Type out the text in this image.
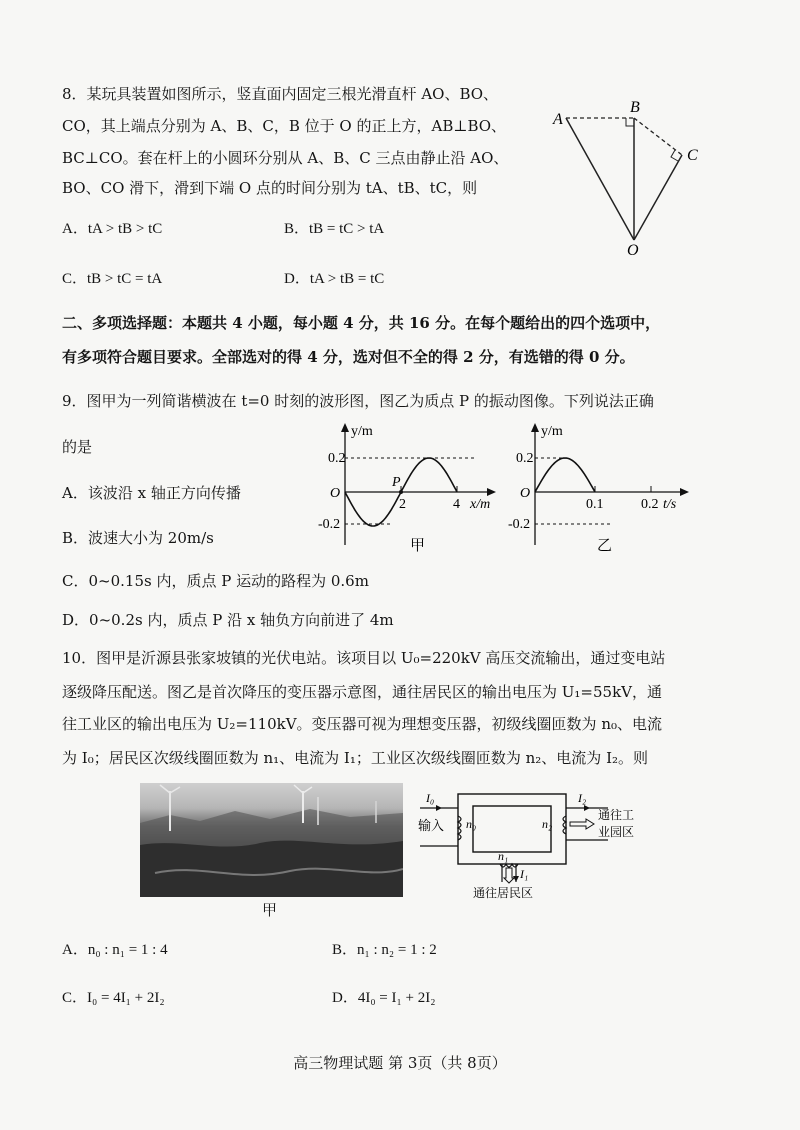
8．某玩具装置如图所示，竖直面内固定三根光滑直杆 AO、BO、
CO，其上端点分别为 A、B、C，B 位于 O 的正上方，AB⊥BO、
BC⊥CO。套在杆上的小圆环分别从 A、B、C 三点由静止沿 AO、
BO、CO 滑下，滑到下端 O 点的时间分别为 tA、tB、tC，则
A
B
C
O
A．tA > tB > tC	B．tB = tC > tA
C．tB > tC = tA	D．tA > tB = tC
二、多项选择题：本题共 4 小题，每小题 4 分，共 16 分。在每个题给出的四个选项中，
有多项符合题目要求。全部选对的得 4 分，选对但不全的得 2 分，有选错的得 0 分。
9．图甲为一列简谐横波在 t=0 时刻的波形图，图乙为质点 P 的振动图像。下列说法正确
的是
y/m
0.2
-0.2
O
P
2	4 x/m
甲
y/m
0.2
-0.2
O
0.1	0.2 t/s
乙
A．该波沿 x 轴正方向传播
B．波速大小为 20m/s
C．0~0.15s 内，质点 P 运动的路程为 0.6m
D．0~0.2s 内，质点 P 沿 x 轴负方向前进了 4m
10．图甲是沂源县张家坡镇的光伏电站。该项目以 U₀=220kV 高压交流输出，通过变电站
逐级降压配送。图乙是首次降压的变压器示意图，通往居民区的输出电压为 U₁=55kV，通
往工业区的输出电压为 U₂=110kV。变压器可视为理想变压器，初级线圈匝数为 n₀、电流
为 I₀；居民区次级线圈匝数为 n₁、电流为 I₁；工业区次级线圈匝数为 n₂、电流为 I₂。则
甲
I₀
输入 n₀	n₂
I₂
通往工
业园区
n₁
I₁
通往居民区
A．n₀ : n₁ = 1 : 4	B．n₁ : n₂ = 1 : 2
C．I₀ = 4I₁ + 2I₂	D．4I₀ = I₁ + 2I₂
高三物理试题 第 3页（共 8页）
